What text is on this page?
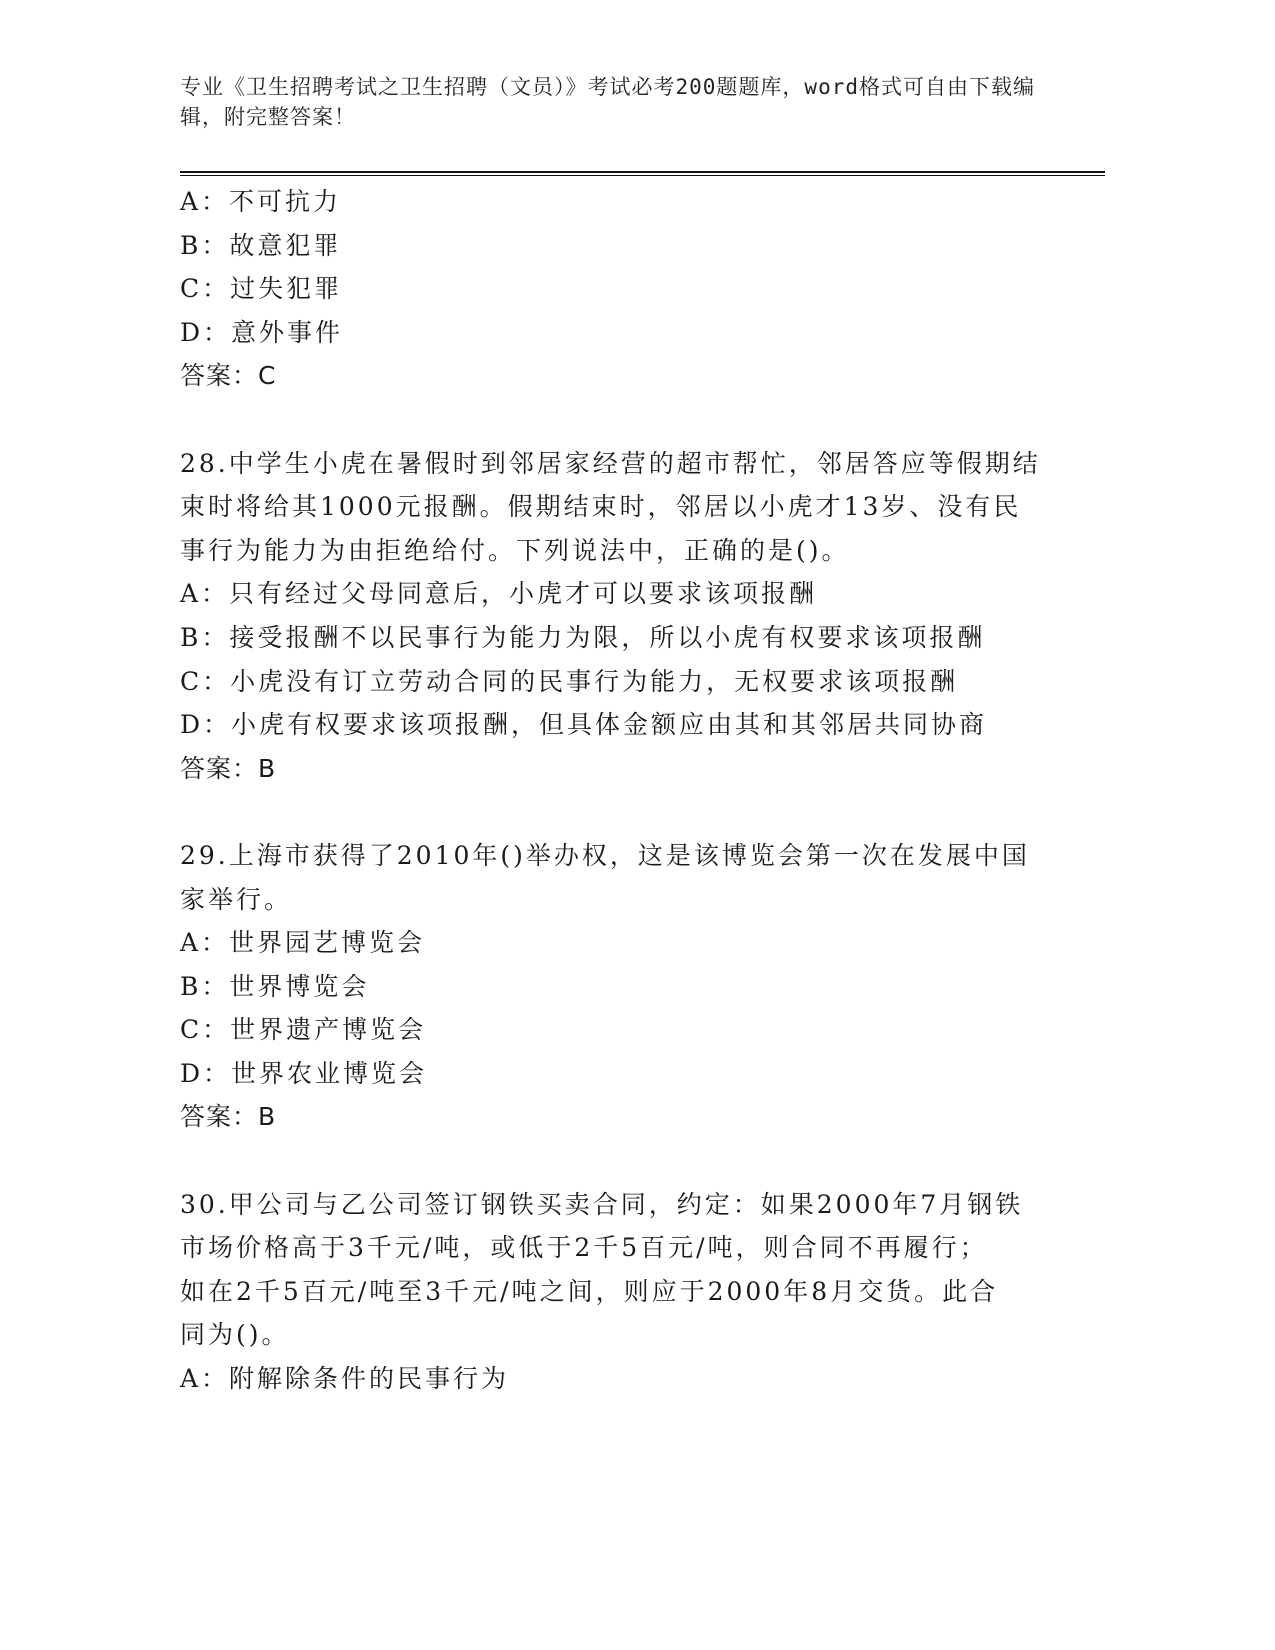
专业《卫生招聘考试之卫生招聘（文员）》考试必考200题题库，word格式可自由下载编辑，附完整答案！
A：不可抗力
B：故意犯罪
C：过失犯罪
D：意外事件
答案：C
28.中学生小虎在暑假时到邻居家经营的超市帮忙，邻居答应等假期结
束时将给其1000元报酬。假期结束时，邻居以小虎才13岁、没有民
事行为能力为由拒绝给付。下列说法中，正确的是()。
A：只有经过父母同意后，小虎才可以要求该项报酬
B：接受报酬不以民事行为能力为限，所以小虎有权要求该项报酬
C：小虎没有订立劳动合同的民事行为能力，无权要求该项报酬
D：小虎有权要求该项报酬，但具体金额应由其和其邻居共同协商
答案：B
29.上海市获得了2010年()举办权，这是该博览会第一次在发展中国
家举行。
A：世界园艺博览会
B：世界博览会
C：世界遗产博览会
D：世界农业博览会
答案：B
30.甲公司与乙公司签订钢铁买卖合同，约定：如果2000年7月钢铁
市场价格高于3千元/吨，或低于2千5百元/吨，则合同不再履行；
如在2千5百元/吨至3千元/吨之间，则应于2000年8月交货。此合
同为()。
A：附解除条件的民事行为
